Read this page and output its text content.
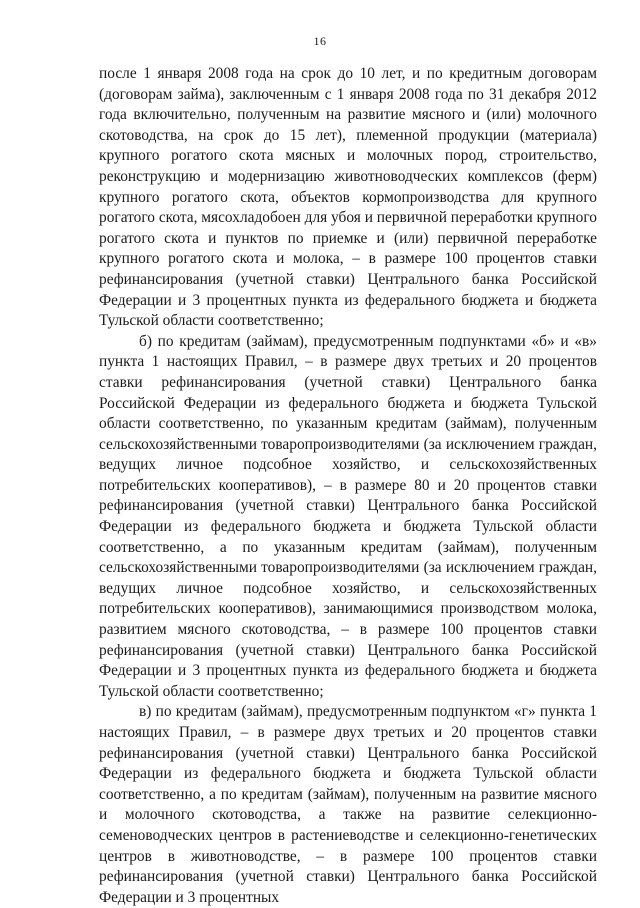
16

после 1 января 2008 года на срок до 10 лет, и по кредитным договорам (договорам займа), заключенным с 1 января 2008 года по 31 декабря 2012 года включительно, полученным на развитие мясного и (или) молочного скотоводства, на срок до 15 лет), племенной продукции (материала) крупного рогатого скота мясных и молочных пород, строительство, реконструкцию и модернизацию животноводческих комплексов (ферм) крупного рогатого скота, объектов кормопроизводства для крупного рогатого скота, мясохладобоен для убоя и первичной переработки крупного рогатого скота и пунктов по приемке и (или) первичной переработке крупного рогатого скота и молока, – в размере 100 процентов ставки рефинансирования (учетной ставки) Центрального банка Российской Федерации и 3 процентных пункта из федерального бюджета и бюджета Тульской области соответственно;

б) по кредитам (займам), предусмотренным подпунктами «б» и «в» пункта 1 настоящих Правил, – в размере двух третьих и 20 процентов ставки рефинансирования (учетной ставки) Центрального банка Российской Федерации из федерального бюджета и бюджета Тульской области соответственно, по указанным кредитам (займам), полученным сельскохозяйственными товаропроизводителями (за исключением граждан, ведущих личное подсобное хозяйство, и сельскохозяйственных потребительских кооперативов), – в размере 80 и 20 процентов ставки рефинансирования (учетной ставки) Центрального банка Российской Федерации из федерального бюджета и бюджета Тульской области соответственно, а по указанным кредитам (займам), полученным сельскохозяйственными товаропроизводителями (за исключением граждан, ведущих личное подсобное хозяйство, и сельскохозяйственных потребительских кооперативов), занимающимися производством молока, развитием мясного скотоводства, – в размере 100 процентов ставки рефинансирования (учетной ставки) Центрального банка Российской Федерации и 3 процентных пункта из федерального бюджета и бюджета Тульской области соответственно;

в) по кредитам (займам), предусмотренным подпунктом «г» пункта 1 настоящих Правил, – в размере двух третьих и 20 процентов ставки рефинансирования (учетной ставки) Центрального банка Российской Федерации из федерального бюджета и бюджета Тульской области соответственно, а по кредитам (займам), полученным на развитие мясного и молочного скотоводства, а также на развитие селекционно-семеноводческих центров в растениеводстве и селекционно-генетических центров в животноводстве, – в размере 100 процентов ставки рефинансирования (учетной ставки) Центрального банка Российской Федерации и 3 процентных
